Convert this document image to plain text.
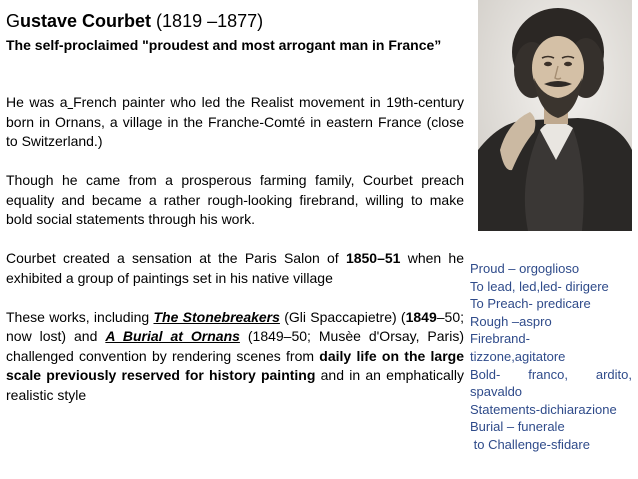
Gustave Courbet (1819 –1877)
The self-proclaimed "proudest and most arrogant man in France”

He was a French painter who led the Realist movement in 19th-century born in Ornans, a village in the Franche-Comté in eastern France (close to Switzerland.)

Though he came from a prosperous farming family, Courbet preach equality and became a rather rough-looking firebrand, willing to make bold social statements through his work.

Courbet created a sensation at the Paris Salon of 1850–51 when he exhibited a group of paintings set in his native village

These works, including The Stonebreakers (Gli Spaccapietre) (1849–50; now lost) and A Burial at Ornans (1849–50; Musèe d'Orsay, Paris) challenged convention by rendering scenes from daily life on the large scale previously reserved for history painting and in an emphatically realistic style

Proud – orgoglioso
To lead, led,led- dirigere
To Preach- predicare
Rough –aspro
Firebrand-
tizzone,agitatore
Bold- franco, ardito,
spavaldo
Statements-dichiarazione
Burial – funerale
to Challenge-sfidare
